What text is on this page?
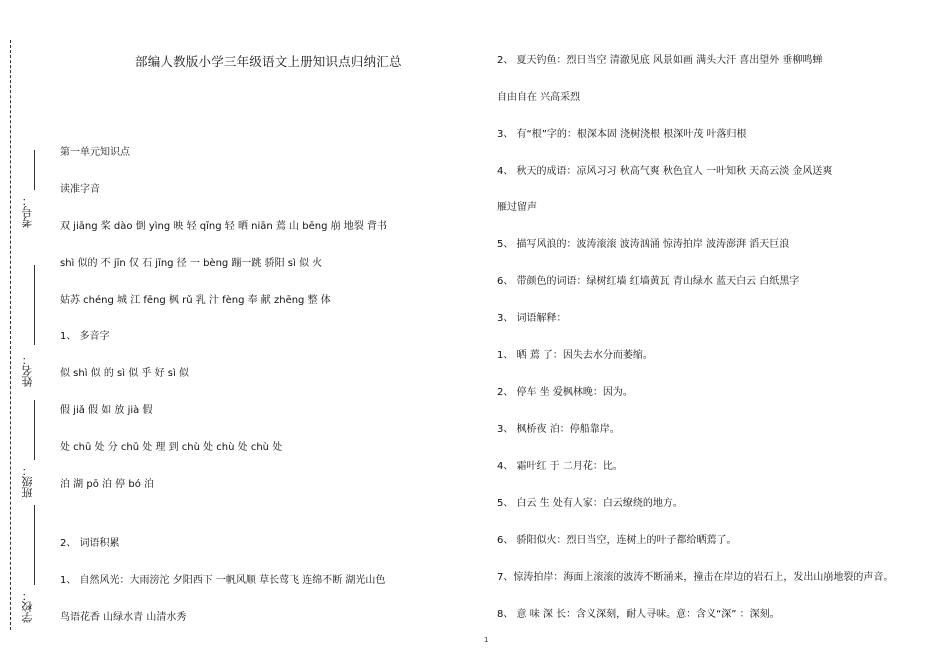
考号：
姓名：
班级：
学校：
部编人教版小学三年级语文上册知识点归纳汇总
第一单元知识点
读准字音
双 jiāng 桨 dào 倒 yìng 映 轻 qīng 轻 晒 niān 蔫 山 bēng 崩 地裂 背书
shì 似的 不 jīn 仅 石 jīng 径 一 bèng 蹦一跳 骄阳 sì 似 火
姑苏 chéng 城 江 fēng 枫 rǔ 乳 汁 fèng 奉 献 zhēng 整 体
1、 多音字
似 shì 似 的 sì 似 乎 好 sì 似
假 jiǎ 假 如 放 jià 假
处 chū 处 分 chǔ 处 理 到 chù 处 chù 处 chù 处
泊 湖 pō 泊 停 bó 泊
2、 词语积累
1、 自然风光：大雨滂沱 夕阳西下 一帆风顺 草长莺飞 连绵不断 湖光山色
鸟语花香 山绿水青 山清水秀
2、 夏天钓鱼：烈日当空 清澈见底 风景如画 满头大汗 喜出望外 垂柳鸣蝉
自由自在 兴高采烈
3、 有“根”字的：根深本固 浇树浇根 根深叶茂 叶落归根
4、 秋天的成语：凉风习习 秋高气爽 秋色宜人 一叶知秋 天高云淡 金风送爽
雁过留声
5、 描写风浪的：波涛滚滚 波涛汹涌 惊涛拍岸 波涛澎湃 滔天巨浪
6、 带颜色的词语：绿树红墙 红墙黄瓦 青山绿水 蓝天白云 白纸黑字
3、 词语解释：
1、 晒 蔫 了：因失去水分而萎缩。
2、 停车 坐 爱枫林晚：因为。
3、 枫桥夜 泊：停船靠岸。
4、 霜叶红 于 二月花：比。
5、 白云 生 处有人家：白云缭绕的地方。
6、 骄阳似火：烈日当空，连树上的叶子都给晒蔫了。
7、惊涛拍岸：海面上滚滚的波涛不断涌来，撞击在岸边的岩石上，发出山崩地裂的声音。
8、 意 味 深 长：含义深刻，耐人寻味。意：含义“深” ：深刻。
1
